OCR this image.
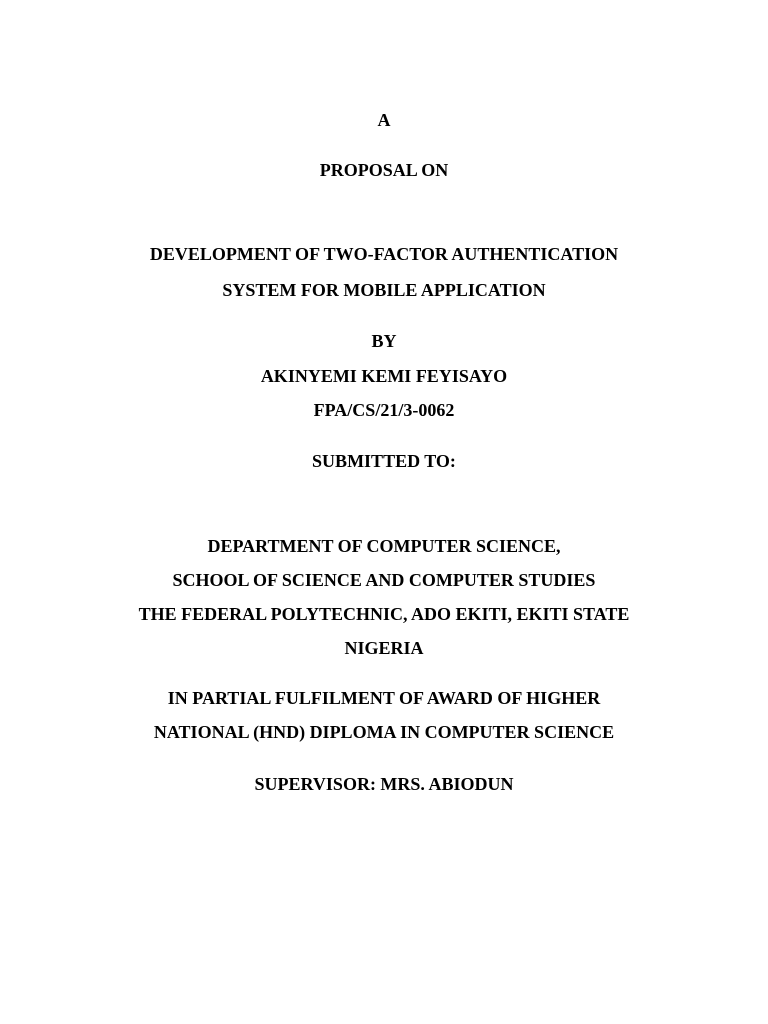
A
PROPOSAL ON
DEVELOPMENT OF TWO-FACTOR AUTHENTICATION
SYSTEM FOR MOBILE APPLICATION
BY
AKINYEMI KEMI FEYISAYO
FPA/CS/21/3-0062
SUBMITTED TO:
DEPARTMENT OF COMPUTER SCIENCE,
SCHOOL OF SCIENCE AND COMPUTER STUDIES
THE FEDERAL POLYTECHNIC, ADO EKITI, EKITI STATE
NIGERIA
IN PARTIAL FULFILMENT OF AWARD OF HIGHER
NATIONAL (HND) DIPLOMA IN COMPUTER SCIENCE
SUPERVISOR: MRS. ABIODUN
